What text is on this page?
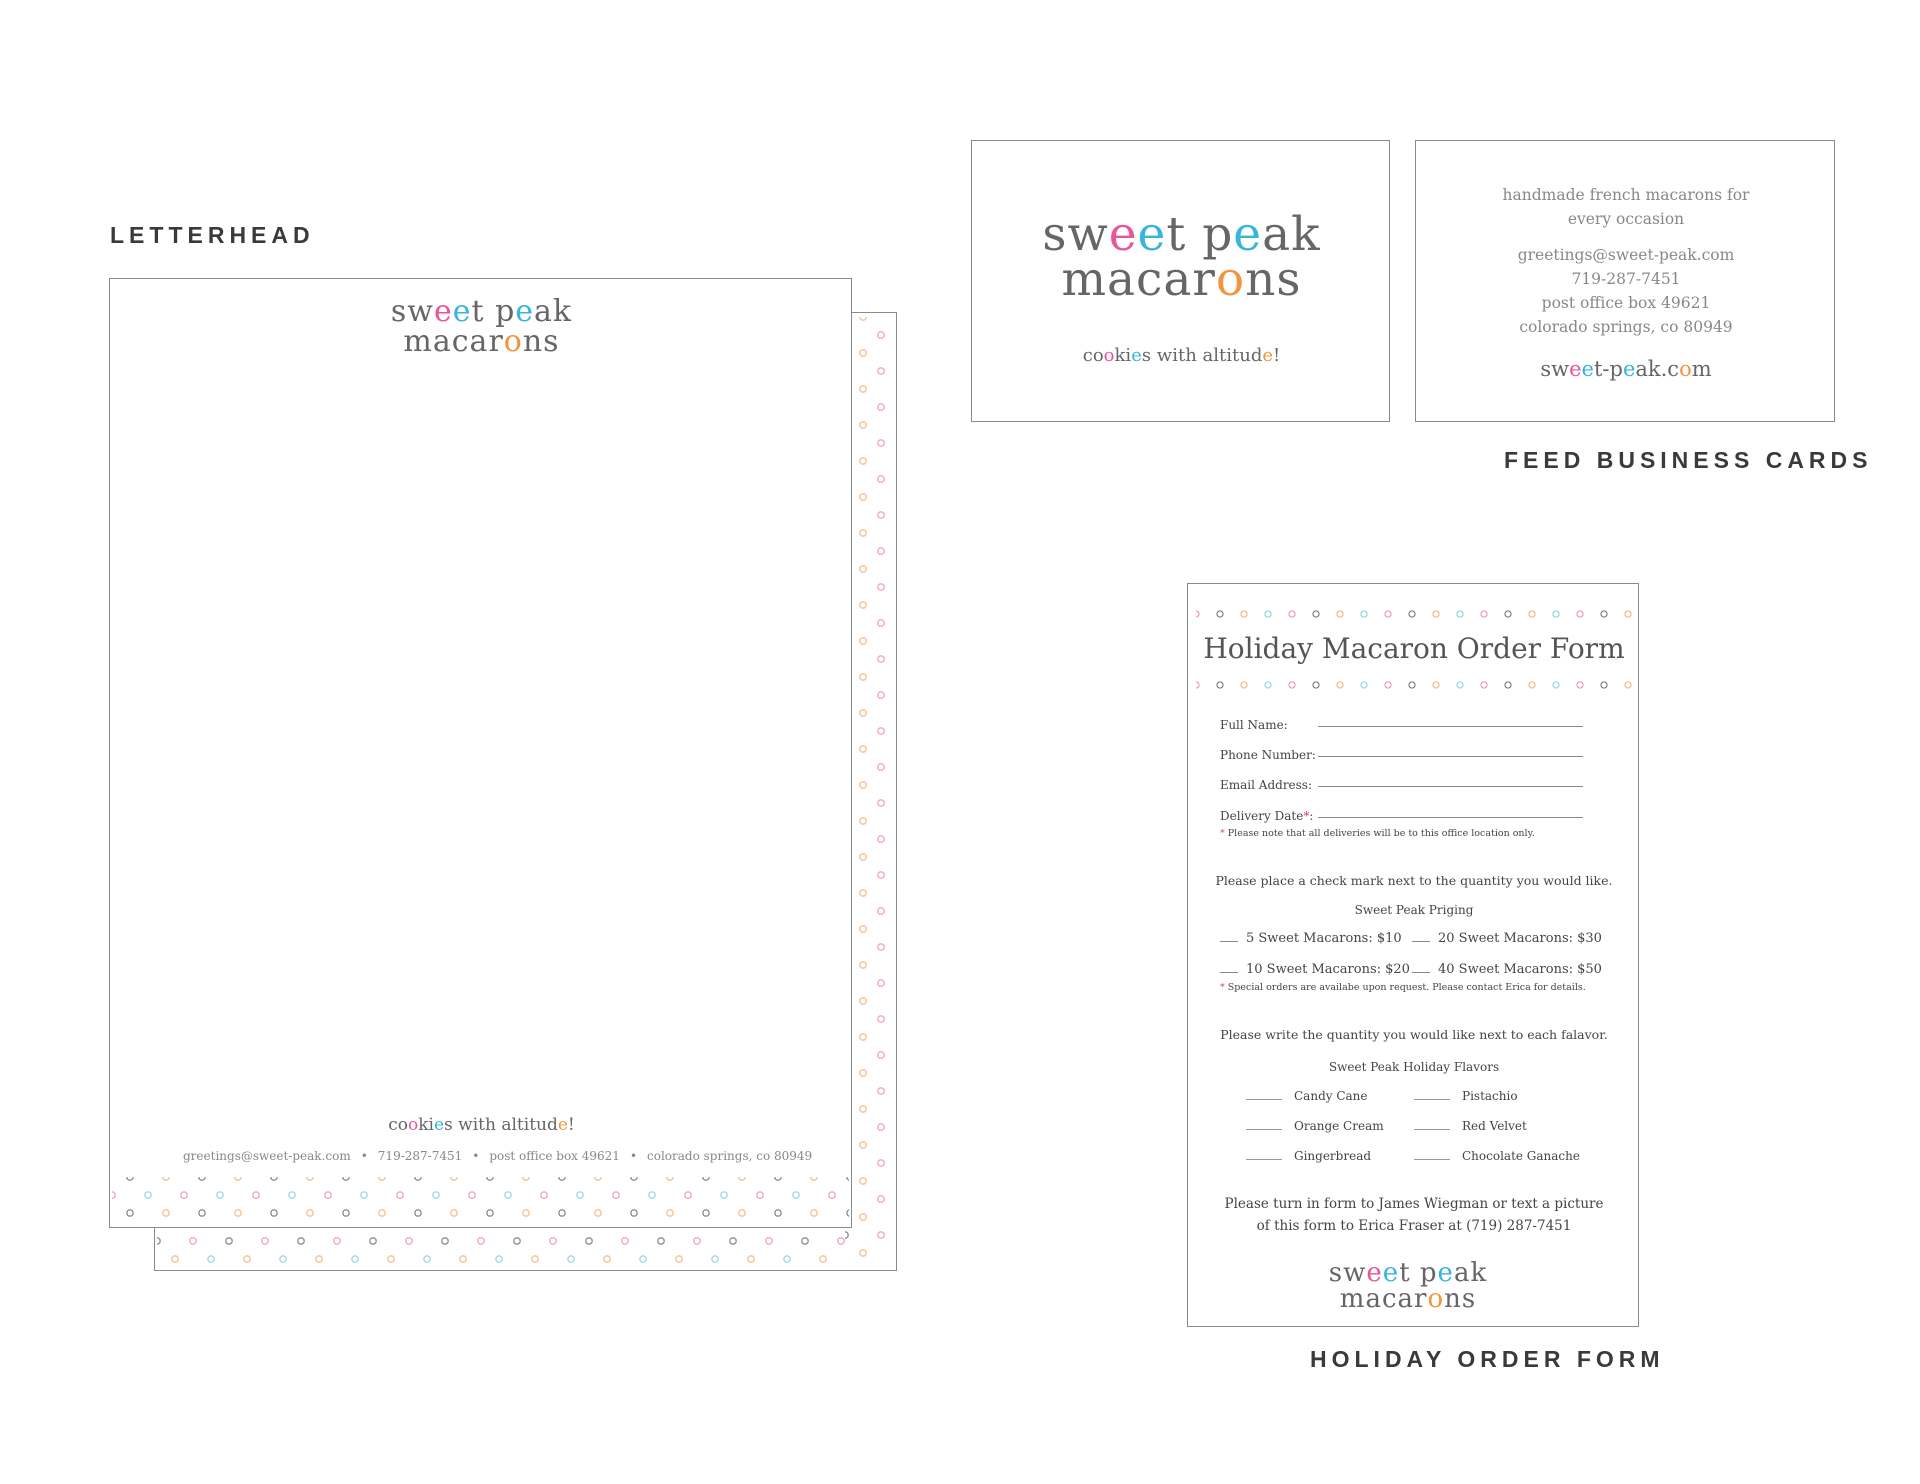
LETTERHEAD
sweet peak
macarons
cookies with altitude!
greetings@sweet-peak.com • 719-287-7451 • post office box 49621 • colorado springs, co 80949
sweet peak
macarons
cookies with altitude!
handmade french macarons for
every occasion
greetings@sweet-peak.com
719-287-7451
post office box 49621
colorado springs, co 80949
sweet-peak.com
FEED BUSINESS CARDS
Holiday Macaron Order Form
Full Name:
Phone Number:
Email Address:
Delivery Date*:
* Please note that all deliveries will be to this office location only.
Please place a check mark next to the quantity you would like.
Sweet Peak Priging
5 Sweet Macarons: $10	20 Sweet Macarons: $30
10 Sweet Macarons: $20	40 Sweet Macarons: $50
* Special orders are availabe upon request. Please contact Erica for details.
Please write the quantity you would like next to each falavor.
Sweet Peak Holiday Flavors
Candy Cane	Pistachio
Orange Cream	Red Velvet
Gingerbread	Chocolate Ganache
Please turn in form to James Wiegman or text a picture
of this form to Erica Fraser at (719) 287-7451
sweet peak
macarons
HOLIDAY ORDER FORM
